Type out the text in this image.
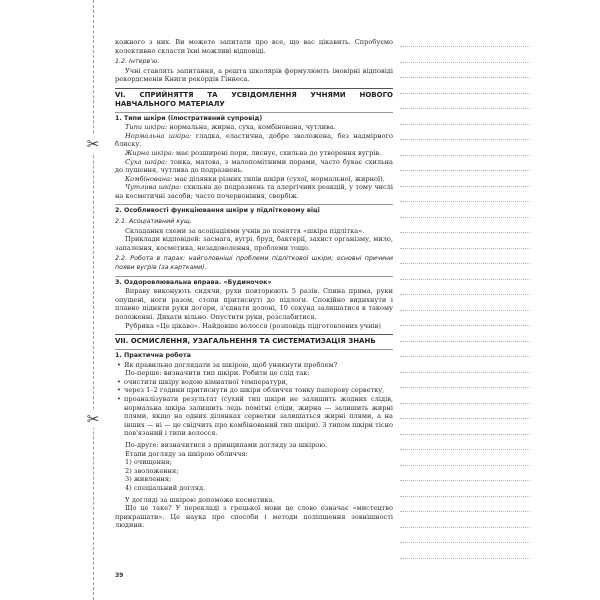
✂
✂

кожного з них. Ви можете запитати про все, що вас цікавить. Спробуємо колективно скласти їхні можливі відповіді.

1.2. Інтерв'ю.

Учні ставлять запитання, а решта школярів формулюють імовірні відповіді рекордсменів Книги рекордів Гіннеса.

VI. СПРИЙНЯТТЯ ТА УСВІДОМЛЕННЯ УЧНЯМИ НОВОГО НАВЧАЛЬНОГО МАТЕРІАЛУ

1. Типи шкіри (ілюстративний супровід)

Типи шкіри: нормальна, жирна, суха, комбінована, чутлива.

Нормальна шкіра: гладка, еластична, добре зволожена, без надмірного блиску.

Жирна шкіра: має розширені пори, лиснує, схильна до утворення вугрів.

Суха шкіра: тонка, матова, з малопомітними порами, часто буває схильна до лущення, чутлива до подразнень.

Комбінована: має ділянки різних типів шкіри (сухої, нормальної, жирної).

Чутлива шкіра: схильна до подразнень та алергічних реакцій, у тому числі на косметичні засоби; часто почервоніння, свербіж.

2. Особливості функціювання шкіри у підлітковому віці

2.1. Асоціативний кущ.

Складання схеми за асоціаціями учнів до поняття «шкіра підлітка».

Приклади відповідей: засмага, вугрі, бруд, бактерії, захист організму, мило, запалення, косметика, незадоволення, проблеми тощо.

2.2. Робота в парах: найголовніші проблеми підліткової шкіри; основні причини появи вугрів (за картками).

3. Оздоровлювальна вправа. «Будиночок»

Вправу виконують сидячи, рухи повторюють 5 разів. Спина пряма, руки опущені, ноги разом, стопи притиснуті до підлоги. Спокійно видихнути і плавно підняти руки догори, з'єднати долоні, 10 секунд залишатися в такому положенні. Дихати вільно. Опустити руки, розслабитися.

Рубрика «Це цікаво». Найдовше волосся (розповідь підготовлених учнів)

VII. ОСМИСЛЕННЯ, УЗАГАЛЬНЕННЯ ТА СИСТЕМАТИЗАЦІЯ ЗНАНЬ

1. Практична робота

• Як правильно доглядати за шкірою, щоб уникнути проблем?

По-перше: визначити тип шкіри. Робити це слід так:

• очистити шкіру водою кімнатної температури,
• через 1–2 години притиснути до шкіри обличчя тонку паперову серветку,
• проаналізувати результат (сухий тип шкіри не залишить жодних слідів, нормальна шкіра залишить ледь помітні сліди, жирна — залишить жирні плями, якщо на одних ділянках серветки залишаться жирні плями, а на інших — ні — це свідчить про комбінований тип шкіри). З типом шкіри тісно пов'язаний і типи волосся.

По-друге: визначитися з принципами догляду за шкірою.

Етапи догляду за шкірою обличчя:

1) очищення;

2) зволоження;

3) живлення;

4) спеціальний догляд.

У догляді за шкірою допоможе косметика.

Що це таке? У перекладі з грецької мови це слово означає «мистецтво прикрашати». Це наука про способи і методи поліпшення зовнішності людини.

39
